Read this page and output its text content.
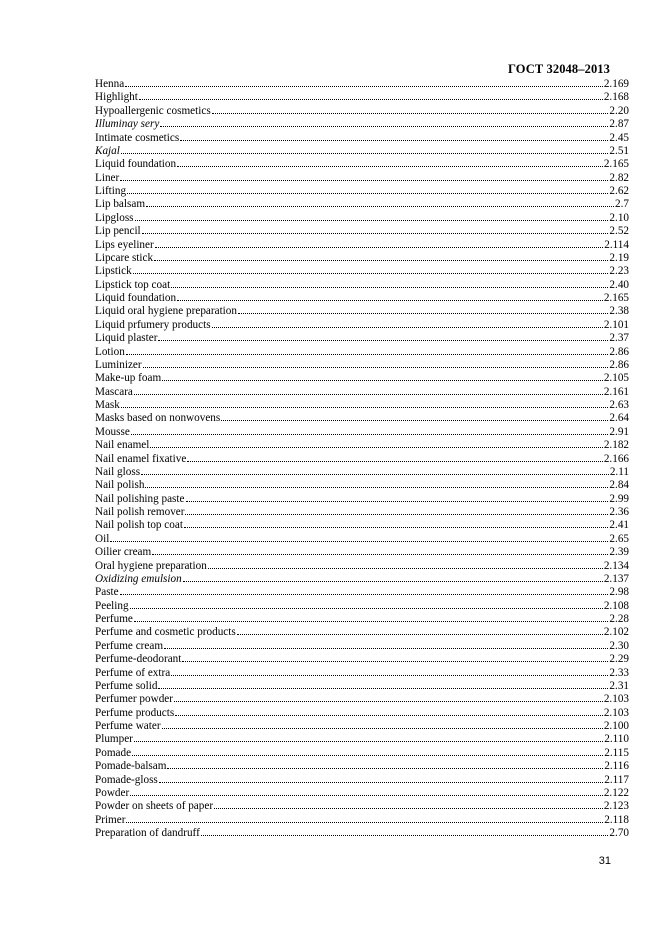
ГОСТ 32048–2013
Henna	2.169
Highlight	2.168
Hypoallergenic cosmetics	2.20
Illuminay sery	2.87
Intimate cosmetics	2.45
Kajal	2.51
Liquid foundation	2.165
Liner	2.82
Lifting	2.62
Lip balsam	2.7
Lipgloss	2.10
Lip pencil	2.52
Lips eyeliner	2.114
Lipcare stick	2.19
Lipstick	2.23
Lipstick top coat	2.40
Liquid foundation	2.165
Liquid oral hygiene preparation	2.38
Liquid prfumery products	2.101
Liquid plaster	2.37
Lotion	2.86
Luminizer	2.86
Make-up foam	2.105
Mascara	2.161
Mask	2.63
Masks based on nonwovens	2.64
Mousse	2.91
Nail enamel	2.182
Nail enamel fixative	2.166
Nail gloss	2.11
Nail polish	2.84
Nail polishing paste	2.99
Nail polish remover	2.36
Nail polish top coat	2.41
Oil	2.65
Oilier cream	2.39
Oral hygiene preparation	2.134
Oxidizing emulsion	2.137
Paste	2.98
Peeling	2.108
Perfume	2.28
Perfume and cosmetic products	2.102
Perfume cream	2.30
Perfume-deodorant	2.29
Perfume of extra	2.33
Perfume solid	2.31
Perfumer powder	2.103
Perfume products	2.103
Perfume water	2.100
Plumper	2.110
Pomade	2.115
Pomade-balsam	2.116
Pomade-gloss	2.117
Powder	2.122
Powder on sheets of paper	2.123
Primer	2.118
Preparation of dandruff	2.70
31
